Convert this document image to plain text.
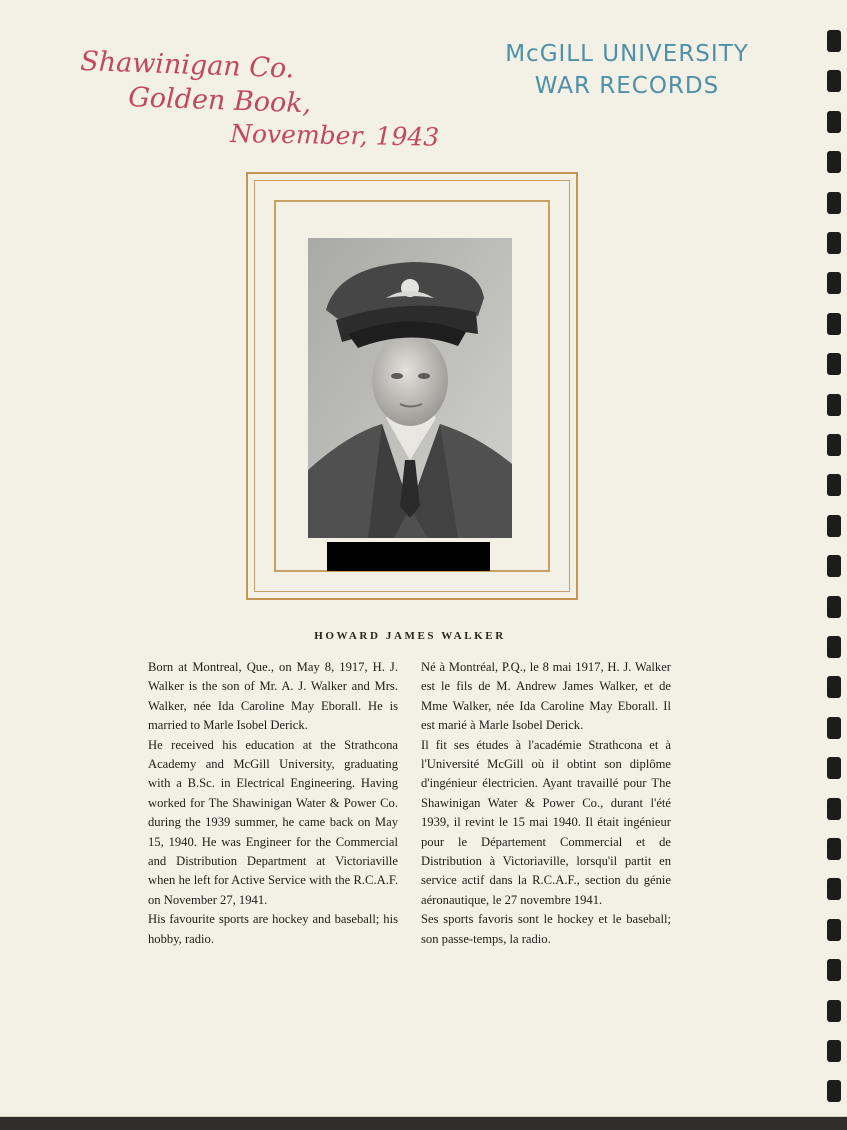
Shawinigan Co.
Golden Book,
November, 1943
McGILL UNIVERSITY
WAR RECORDS
HOWARD JAMES WALKER

Born at Montreal, Que., on May 8, 1917, H. J. Walker is the son of Mr. A. J. Walker and Mrs. Walker, née Ida Caroline May Eborall. He is married to Marle Isobel Derick.

He received his education at the Strathcona Academy and McGill University, graduating with a B.Sc. in Electrical Engineering. Having worked for The Shawinigan Water & Power Co. during the 1939 summer, he came back on May 15, 1940. He was Engineer for the Commercial and Distribution Department at Victoriaville when he left for Active Service with the R.C.A.F. on November 27, 1941.

His favourite sports are hockey and baseball; his hobby, radio.

Né à Montréal, P.Q., le 8 mai 1917, H. J. Walker est le fils de M. Andrew James Walker, et de Mme Walker, née Ida Caroline May Eborall. Il est marié à Marle Isobel Derick.

Il fit ses études à l'académie Strathcona et à l'Université McGill où il obtint son diplôme d'ingénieur électricien. Ayant travaillé pour The Shawinigan Water & Power Co., durant l'été 1939, il revint le 15 mai 1940. Il était ingénieur pour le Département Commercial et de Distribution à Victoriaville, lorsqu'il partit en service actif dans la R.C.A.F., section du génie aéronautique, le 27 novembre 1941.

Ses sports favoris sont le hockey et le baseball; son passe-temps, la radio.
